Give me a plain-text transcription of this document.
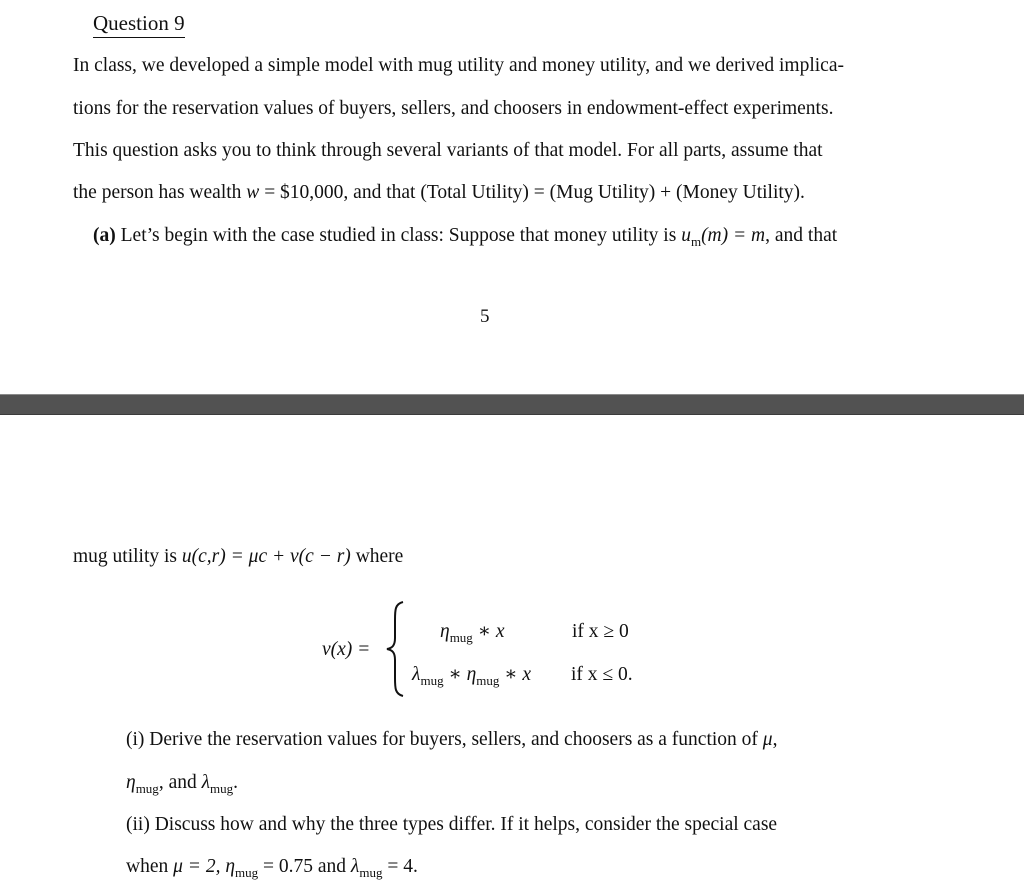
Question 9
In class, we developed a simple model with mug utility and money utility, and we derived implica-
tions for the reservation values of buyers, sellers, and choosers in endowment-effect experiments.
This question asks you to think through several variants of that model. For all parts, assume that
the person has wealth w = $10,000, and that (Total Utility) = (Mug Utility) + (Money Utility).
(a) Let’s begin with the case studied in class: Suppose that money utility is $u_m(m) = m$, and that
5
mug utility is u(c,r) = μc + v(c − r) where
v(x) =
$\eta_{mug}$ ∗ x	if x ≥ 0
$\lambda_{mug}$ ∗ $\eta_{mug}$ ∗ x if x ≤ 0.
(i) Derive the reservation values for buyers, sellers, and choosers as a function of μ,
$\eta_{mug}$, and $\lambda_{mug}$.
(ii) Discuss how and why the three types differ. If it helps, consider the special case
when μ = 2, $\eta_{mug} = 0.75$ and $\lambda_{mug} = 4$.
